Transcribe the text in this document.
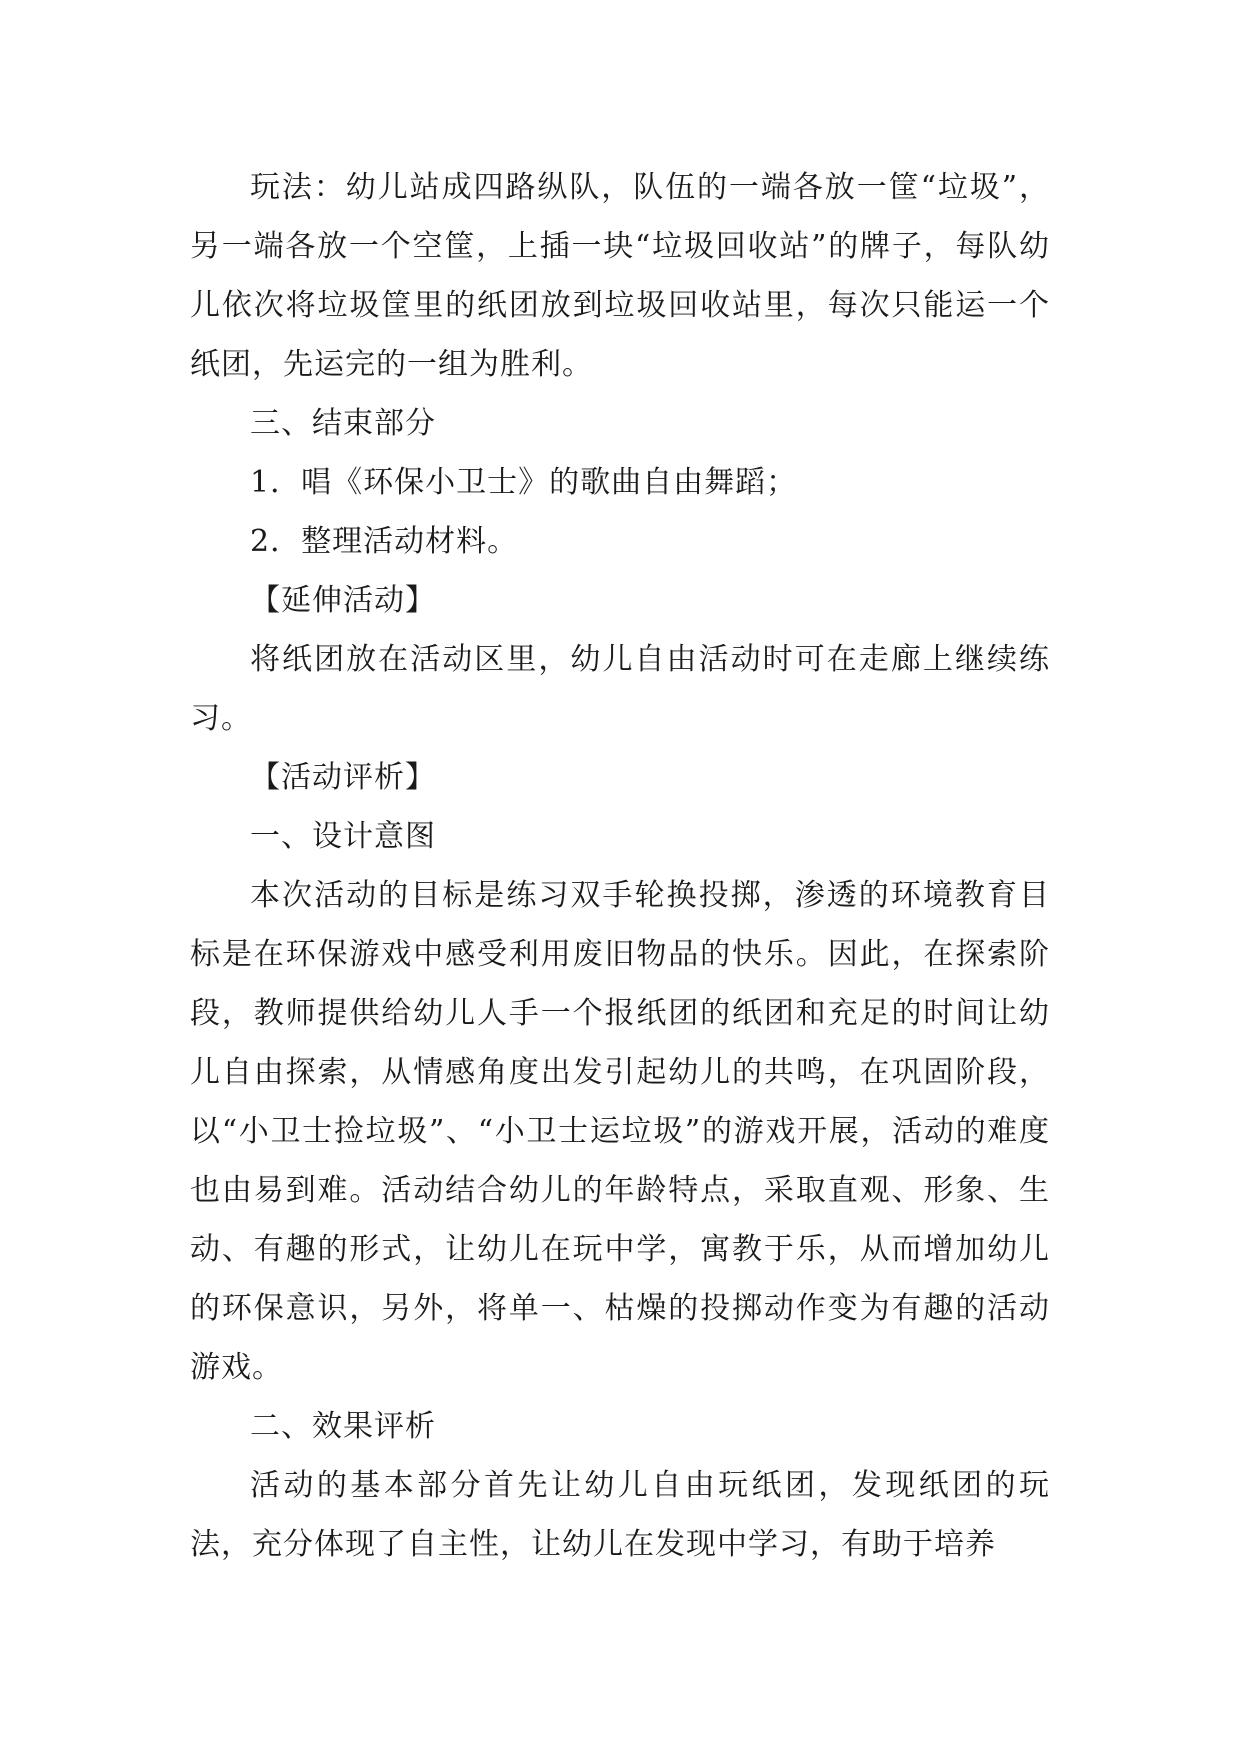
玩法：幼儿站成四路纵队，队伍的一端各放一筐“垃圾”，另一端各放一个空筐，上插一块“垃圾回收站”的牌子，每队幼儿依次将垃圾筐里的纸团放到垃圾回收站里，每次只能运一个纸团，先运完的一组为胜利。

三、结束部分

1．唱《环保小卫士》的歌曲自由舞蹈；

2．整理活动材料。

【延伸活动】

将纸团放在活动区里，幼儿自由活动时可在走廊上继续练习。

【活动评析】

一、设计意图

本次活动的目标是练习双手轮换投掷，渗透的环境教育目标是在环保游戏中感受利用废旧物品的快乐。因此，在探索阶段，教师提供给幼儿人手一个报纸团的纸团和充足的时间让幼儿自由探索，从情感角度出发引起幼儿的共鸣，在巩固阶段，以“小卫士捡垃圾”、“小卫士运垃圾”的游戏开展，活动的难度也由易到难。活动结合幼儿的年龄特点，采取直观、形象、生动、有趣的形式，让幼儿在玩中学，寓教于乐，从而增加幼儿的环保意识，另外，将单一、枯燥的投掷动作变为有趣的活动游戏。

二、效果评析

活动的基本部分首先让幼儿自由玩纸团，发现纸团的玩法，充分体现了自主性，让幼儿在发现中学习，有助于培养
